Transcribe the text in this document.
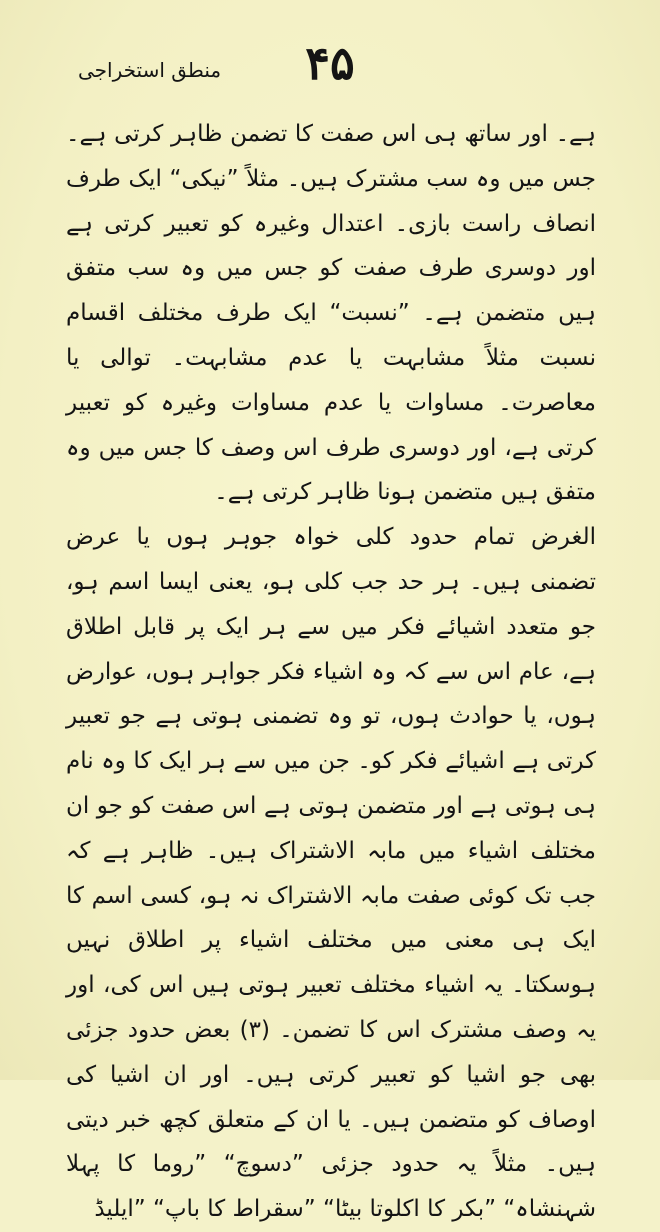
۴۵
منطق استخراجی

ہے۔ اور ساتھ ہی اس صفت کا تضمن ظاہر کرتی ہے۔ جس میں وہ سب مشترک ہیں۔ مثلاً ”نیکی“ ایک طرف انصاف راست بازی۔ اعتدال وغیرہ کو تعبیر کرتی ہے اور دوسری طرف صفت کو جس میں وہ سب متفق ہیں متضمن ہے۔ ”نسبت“ ایک طرف مختلف اقسام نسبت مثلاً مشابہت یا عدم مشابہت۔ توالی یا معاصرت۔ مساوات یا عدم مساوات وغیرہ کو تعبیر کرتی ہے، اور دوسری طرف اس وصف کا جس میں وہ متفق ہیں متضمن ہونا ظاہر کرتی ہے۔

الغرض تمام حدود کلی خواہ جوہر ہوں یا عرض تضمنی ہیں۔ ہر حد جب کلی ہو، یعنی ایسا اسم ہو، جو متعدد اشیائے فکر میں سے ہر ایک پر قابل اطلاق ہے، عام اس سے کہ وہ اشیاء فکر جواہر ہوں، عوارض ہوں، یا حوادث ہوں، تو وہ تضمنی ہوتی ہے جو تعبیر کرتی ہے اشیائے فکر کو۔ جن میں سے ہر ایک کا وہ نام ہی ہوتی ہے اور متضمن ہوتی ہے اس صفت کو جو ان مختلف اشیاء میں مابہ الاشتراک ہیں۔ ظاہر ہے کہ جب تک کوئی صفت مابہ الاشتراک نہ ہو، کسی اسم کا ایک ہی معنی میں مختلف اشیاء پر اطلاق نہیں ہوسکتا۔ یہ اشیاء مختلف تعبیر ہوتی ہیں اس کی، اور یہ وصف مشترک اس کا تضمن۔ (۳) بعض حدود جزئی بھی جو اشیا کو تعبیر کرتی ہیں۔ اور ان اشیا کی اوصاف کو متضمن ہیں۔ یا ان کے متعلق کچھ خبر دیتی ہیں۔ مثلاً یہ حدود جزئی ”دسوچ“ ”روما کا پہلا شہنشاہ“ ”بکر کا اکلوتا بیٹا“ ”سقراط کا باپ“ ”ایلیڈ
